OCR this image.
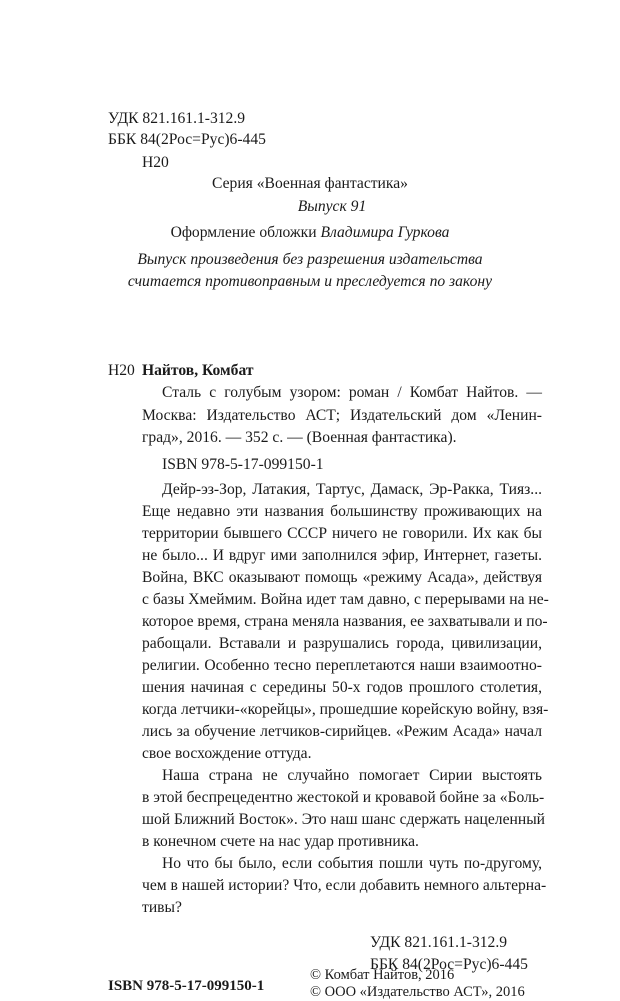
УДК 821.161.1-312.9
ББК 84(2Рос=Рус)6-445
Н20
Серия «Военная фантастика»
Выпуск 91
Оформление обложки Владимира Гуркова
Выпуск произведения без разрешения издательства
считается противоправным и преследуется по закону
Н20 Найтов, Комбат
Сталь с голубым узором: роман / Комбат Найтов. —
Москва: Издательство АСТ; Издательский дом «Ленин-
град», 2016. — 352 с. — (Военная фантастика).
ISBN 978-5-17-099150-1
Дейр-эз-Зор, Латакия, Тартус, Дамаск, Эр-Ракка, Тияз...
Еще недавно эти названия большинству проживающих на
территории бывшего СССР ничего не говорили. Их как бы
не было... И вдруг ими заполнился эфир, Интернет, газеты.
Война, ВКС оказывают помощь «режиму Асада», действуя
с базы Хмеймим. Война идет там давно, с перерывами на не-
которое время, страна меняла названия, ее захватывали и по-
рабощали. Вставали и разрушались города, цивилизации,
религии. Особенно тесно переплетаются наши взаимоотно-
шения начиная с середины 50-х годов прошлого столетия,
когда летчики-«корейцы», прошедшие корейскую войну, взя-
лись за обучение летчиков-сирийцев. «Режим Асада» начал
свое восхождение оттуда.
Наша страна не случайно помогает Сирии выстоять
в этой беспрецедентно жестокой и кровавой бойне за «Боль-
шой Ближний Восток». Это наш шанс сдержать нацеленный
в конечном счете на нас удар противника.
Но что бы было, если события пошли чуть по-другому,
чем в нашей истории? Что, если добавить немного альтерна-
тивы?
УДК 821.161.1-312.9
ББК 84(2Рос=Рус)6-445
ISBN 978-5-17-099150-1
© Комбат Найтов, 2016
© ООО «Издательство АСТ», 2016
